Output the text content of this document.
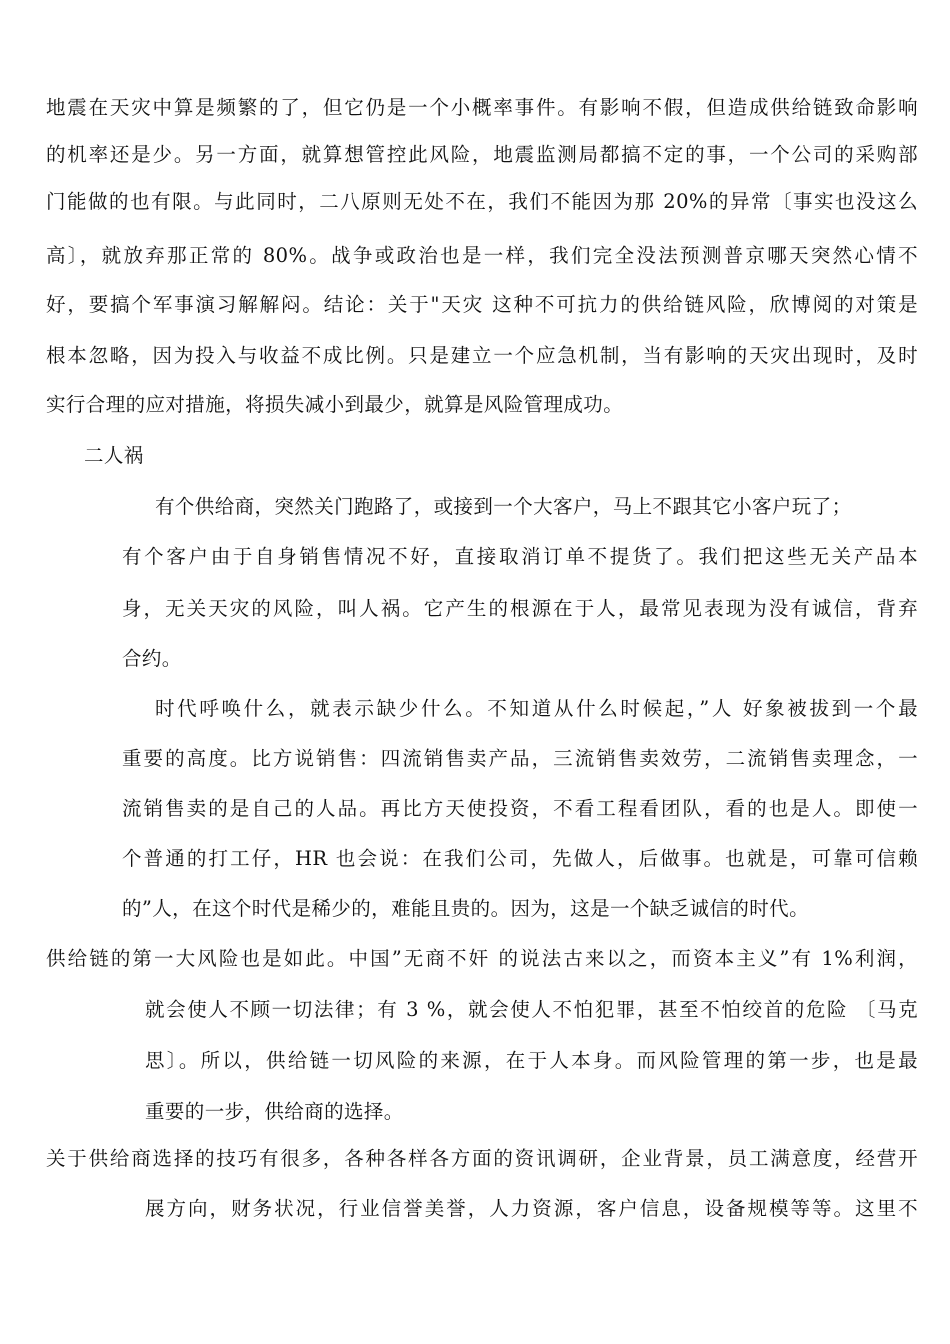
地震在天灾中算是频繁的了，但它仍是一个小概率事件。有影响不假，但造成供给链致命影响
的机率还是少。另一方面，就算想管控此风险，地震监测局都搞不定的事，一个公司的采购部
门能做的也有限。与此同时，二八原则无处不在，我们不能因为那 20%的异常〔事实也没这么
高〕，就放弃那正常的 80%。战争或政治也是一样，我们完全没法预测普京哪天突然心情不
好，要搞个军事演习解解闷。结论：关于"天灾 这种不可抗力的供给链风险，欣博阅的对策是
根本忽略，因为投入与收益不成比例。只是建立一个应急机制，当有影响的天灾出现时，及时
实行合理的应对措施，将损失减小到最少，就算是风险管理成功。
二人祸
有个供给商，突然关门跑路了，或接到一个大客户，马上不跟其它小客户玩了；
有个客户由于自身销售情况不好，直接取消订单不提货了。我们把这些无关产品本
身，无关天灾的风险，叫人祸。它产生的根源在于人，最常见表现为没有诚信，背弃
合约。
时代呼唤什么，就表示缺少什么。不知道从什么时候起，”人 好象被拔到一个最
重要的高度。比方说销售：四流销售卖产品，三流销售卖效劳，二流销售卖理念，一
流销售卖的是自己的人品。再比方天使投资，不看工程看团队，看的也是人。即使一
个普通的打工仔，HR 也会说：在我们公司，先做人，后做事。也就是，可靠可信赖
的”人，在这个时代是稀少的，难能且贵的。因为，这是一个缺乏诚信的时代。
供给链的第一大风险也是如此。中国”无商不奸 的说法古来以之，而资本主义”有 1%利润，
就会使人不顾一切法律；有 3 %，就会使人不怕犯罪，甚至不怕绞首的危险 〔马克
思〕。所以，供给链一切风险的来源，在于人本身。而风险管理的第一步，也是最
重要的一步，供给商的选择。
关于供给商选择的技巧有很多，各种各样各方面的资讯调研，企业背景，员工满意度，经营开
展方向，财务状况，行业信誉美誉，人力资源，客户信息，设备规模等等。这里不
